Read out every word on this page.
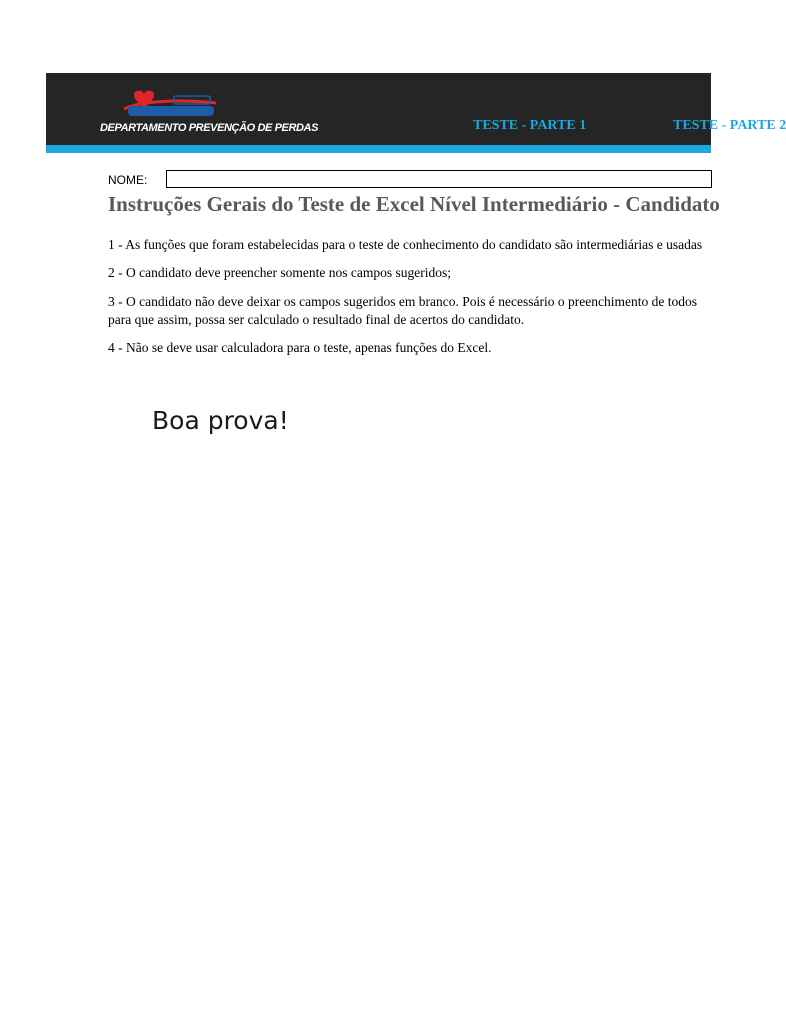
DEPARTAMENTO PREVENÇÃO DE PERDAS	TESTE - PARTE 1	TESTE - PARTE 2
NOME:
Instruções Gerais do Teste de Excel Nível Intermediário - Candidato
1 - As funções que foram estabelecidas para o teste de conhecimento do candidato são intermediárias e usadas
2 - O candidato deve preencher somente nos campos sugeridos;
3 - O candidato não deve deixar os campos sugeridos em branco. Pois é necessário o preenchimento de todos
para que assim, possa ser calculado o resultado final de acertos do candidato.
4 - Não se deve usar calculadora para o teste, apenas funções do Excel.
Boa prova!
